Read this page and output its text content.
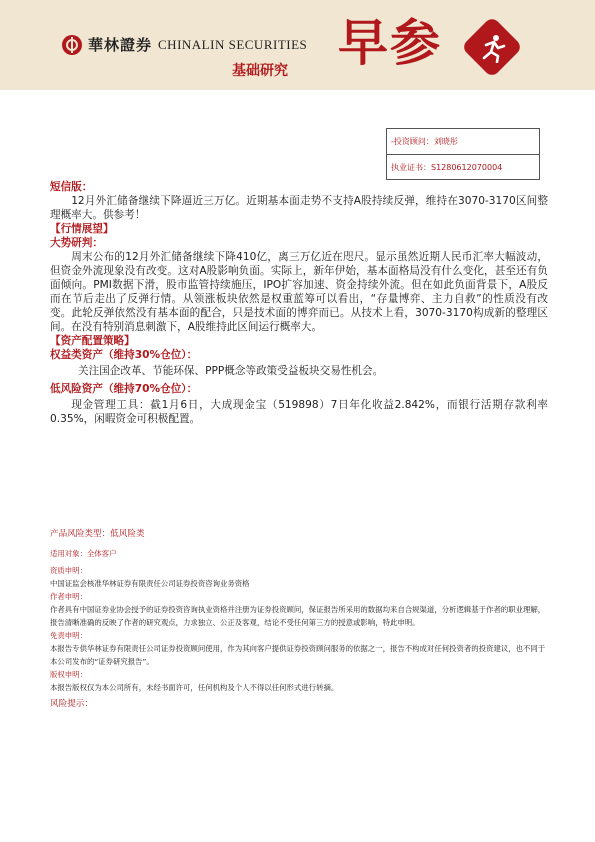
華林證券 CHINALIN SECURITIES
基础研究 早参
-投资顾问：刘晓彤
执业证书：S1280612070004
短信版：

12月外汇储备继续下降逼近三万亿。近期基本面走势不支持A股持续反弹，维持在3070-3170区间整理概率大。供参考！

【行情展望】
大势研判：

周末公布的12月外汇储备继续下降410亿，离三万亿近在咫尺。显示虽然近期人民币汇率大幅波动，但资金外流现象没有改变。这对A股影响负面。实际上，新年伊始，基本面格局没有什么变化，甚至还有负面倾向。PMI数据下滑，股市监管持续施压，IPO扩容加速、资金持续外流。但在如此负面背景下，A股反而在节后走出了反弹行情。从领涨板块依然是权重蓝筹可以看出，“存量博弈、主力自救”的性质没有改变。此轮反弹依然没有基本面的配合，只是技术面的博弈而已。从技术上看，3070-3170构成新的整理区间。在没有特别消息刺激下，A股维持此区间运行概率大。

【资产配置策略】
权益类资产（维持30%仓位）：

关注国企改革、节能环保、PPP概念等政策受益板块交易性机会。

低风险资产（维持70%仓位）：

现金管理工具：截1月6日，大成现金宝（519898）7日年化收益2.842%，而银行活期存款利率0.35%，闲暇资金可积极配置。

产品风险类型：低风险类
适用对象：全体客户
资质申明：

中国证监会核准华林证券有限责任公司证券投资咨询业务资格

作者申明：

作者具有中国证券业协会授予的证券投资咨询执业资格并注册为证券投资顾问，保证报告所采用的数据均来自合规渠道，分析逻辑基于作者的职业理解，报告清晰准确的反映了作者的研究观点，力求独立、公正及客观，结论不受任何第三方的授意或影响，特此申明。

免责申明：

本报告专供华林证券有限责任公司证券投资顾问使用，作为其向客户提供证券投资顾问服务的依据之一，报告不构成对任何投资者的投资建议，也不同于本公司发布的“证券研究报告”。

版权申明：

本报告版权仅为本公司所有，未经书面许可，任何机构及个人不得以任何形式进行转摘。

风险提示：
